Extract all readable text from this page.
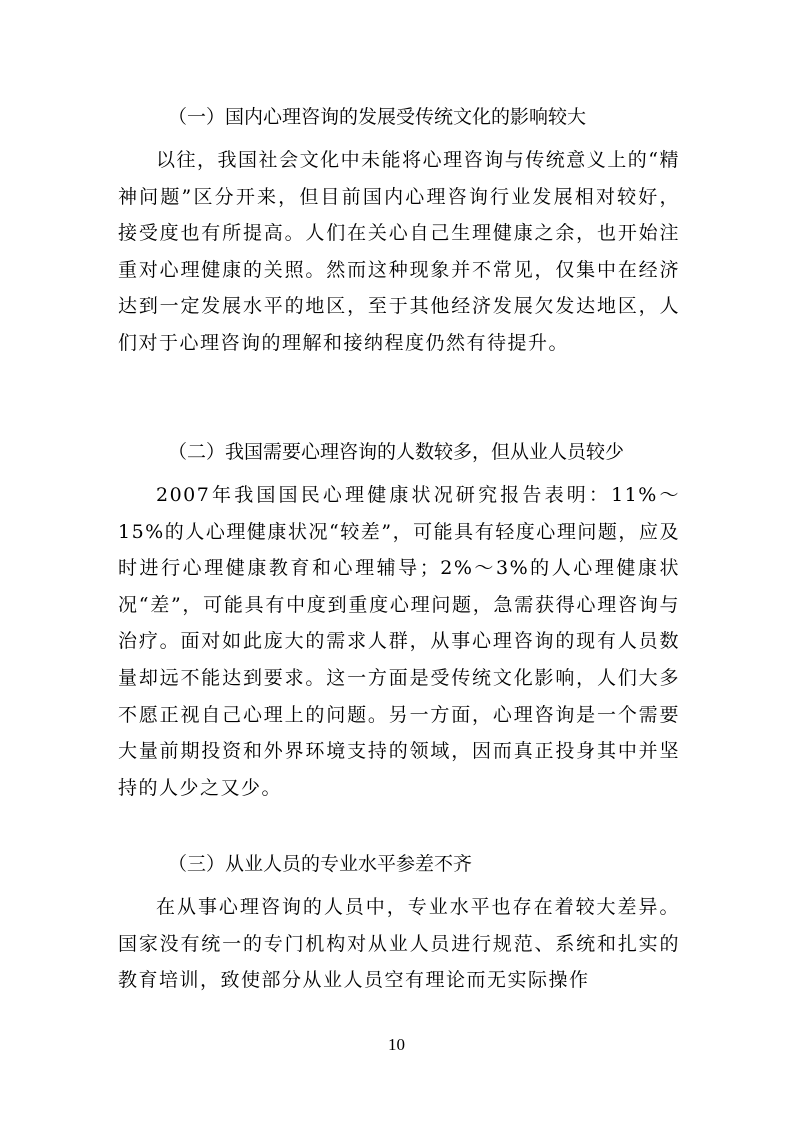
（一）国内心理咨询的发展受传统文化的影响较大

以往，我国社会文化中未能将心理咨询与传统意义上的“精神问题”区分开来，但目前国内心理咨询行业发展相对较好，接受度也有所提高。人们在关心自己生理健康之余，也开始注重对心理健康的关照。然而这种现象并不常见，仅集中在经济达到一定发展水平的地区，至于其他经济发展欠发达地区，人们对于心理咨询的理解和接纳程度仍然有待提升。

（二）我国需要心理咨询的人数较多，但从业人员较少

2007年我国国民心理健康状况研究报告表明：11%～15%的人心理健康状况“较差”，可能具有轻度心理问题，应及时进行心理健康教育和心理辅导；2%～3%的人心理健康状况“差”，可能具有中度到重度心理问题，急需获得心理咨询与治疗。面对如此庞大的需求人群，从事心理咨询的现有人员数量却远不能达到要求。这一方面是受传统文化影响，人们大多不愿正视自己心理上的问题。另一方面，心理咨询是一个需要大量前期投资和外界环境支持的领域，因而真正投身其中并坚持的人少之又少。

（三）从业人员的专业水平参差不齐

在从事心理咨询的人员中，专业水平也存在着较大差异。国家没有统一的专门机构对从业人员进行规范、系统和扎实的教育培训，致使部分从业人员空有理论而无实际操作

10
